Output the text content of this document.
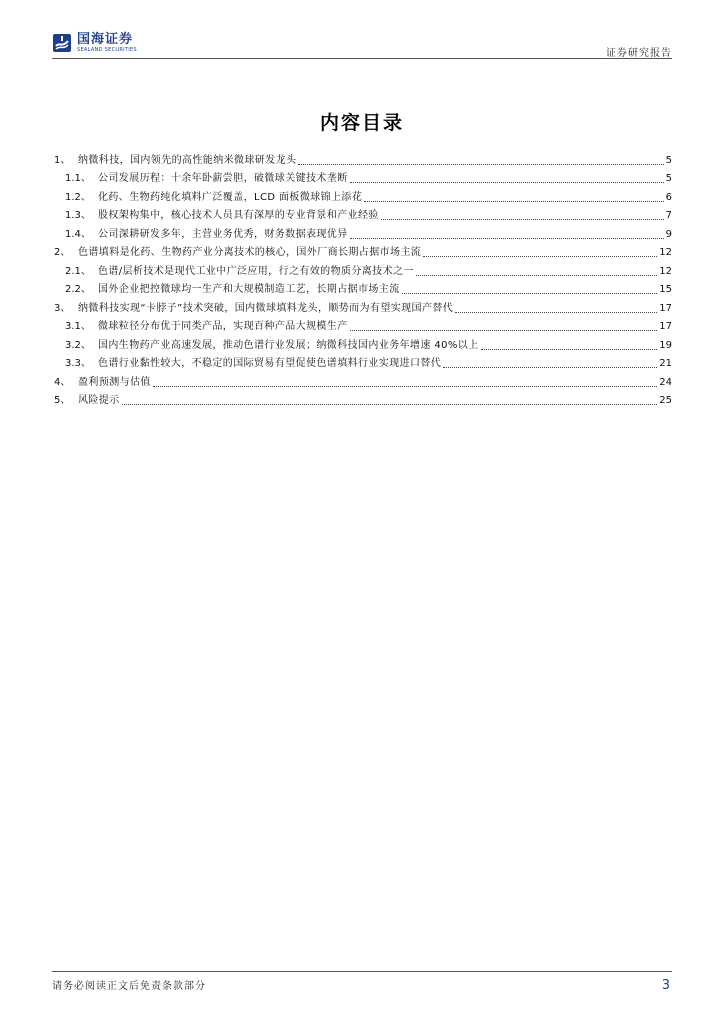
国海证券
SEALAND SECURITIES	证券研究报告
内容目录
1、 纳微科技，国内领先的高性能纳米微球研发龙头	5
1.1、 公司发展历程：十余年卧薪尝胆，破微球关键技术垄断	5
1.2、 化药、生物药纯化填料广泛覆盖，LCD 面板微球锦上添花	6
1.3、 股权架构集中，核心技术人员具有深厚的专业背景和产业经验	7
1.4、 公司深耕研发多年，主营业务优秀，财务数据表现优异	9
2、 色谱填料是化药、生物药产业分离技术的核心，国外厂商长期占据市场主流	12
2.1、 色谱/层析技术是现代工业中广泛应用，行之有效的物质分离技术之一	12
2.2、 国外企业把控微球均一生产和大规模制造工艺，长期占据市场主流	15
3、 纳微科技实现“卡脖子”技术突破，国内微球填料龙头，顺势而为有望实现国产替代	17
3.1、 微球粒径分布优于同类产品，实现百种产品大规模生产	17
3.2、 国内生物药产业高速发展，推动色谱行业发展；纳微科技国内业务年增速 40%以上	19
3.3、 色谱行业黏性较大，不稳定的国际贸易有望促使色谱填料行业实现进口替代	21
4、 盈利预测与估值	24
5、 风险提示	25
请务必阅读正文后免责条款部分	3
